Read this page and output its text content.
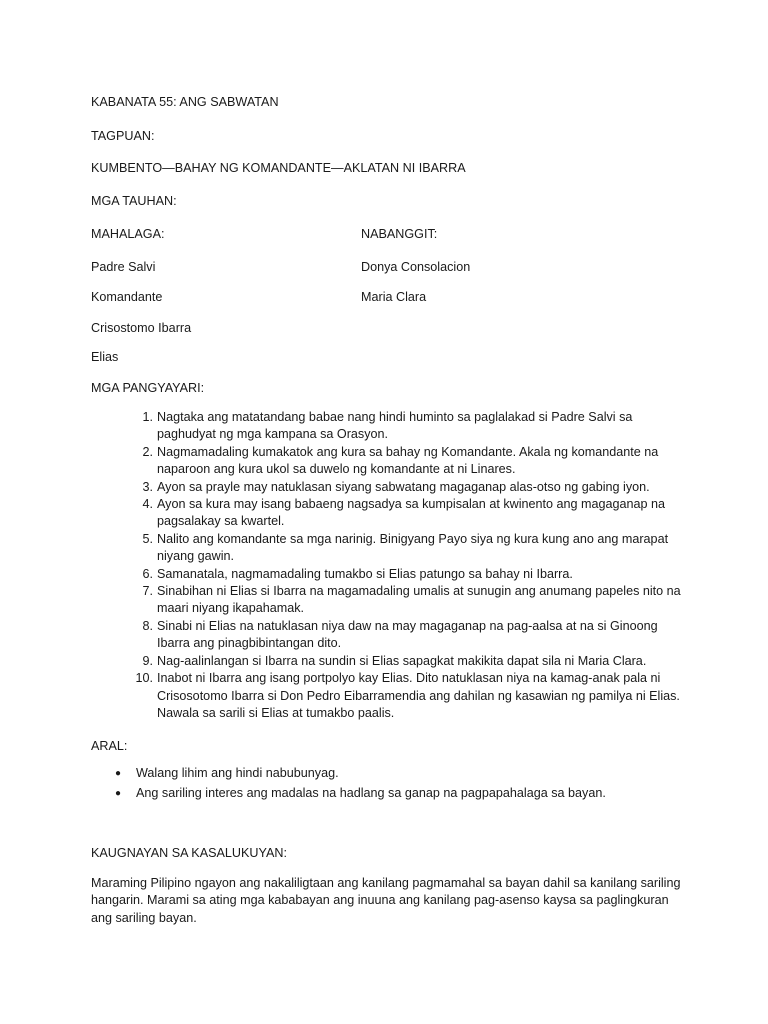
KABANATA 55: ANG SABWATAN
TAGPUAN:
KUMBENTO—BAHAY NG KOMANDANTE—AKLATAN NI IBARRA
MGA TAUHAN:
MAHALAGA:	NABANGGIT:
Padre Salvi	Donya Consolacion
Komandante	Maria Clara
Crisostomo Ibarra
Elias
MGA PANGYAYARI:
1. Nagtaka ang matatandang babae nang hindi huminto sa paglalakad si Padre Salvi sa
paghudyat ng mga kampana sa Orasyon.
2. Nagmamadaling kumakatok ang kura sa bahay ng Komandante. Akala ng komandante na
naparoon ang kura ukol sa duwelo ng komandante at ni Linares.
3. Ayon sa prayle may natuklasan siyang sabwatang magaganap alas-otso ng gabing iyon.
4. Ayon sa kura may isang babaeng nagsadya sa kumpisalan at kwinento ang magaganap na
pagsalakay sa kwartel.
5. Nalito ang komandante sa mga narinig. Binigyang Payo siya ng kura kung ano ang marapat
niyang gawin.
6. Samanatala, nagmamadaling tumakbo si Elias patungo sa bahay ni Ibarra.
7. Sinabihan ni Elias si Ibarra na magamadaling umalis at sunugin ang anumang papeles nito na
maari niyang ikapahamak.
8. Sinabi ni Elias na natuklasan niya daw na may magaganap na pag-aalsa at na si Ginoong
Ibarra ang pinagbibintangan dito.
9. Nag-aalinlangan si Ibarra na sundin si Elias sapagkat makikita dapat sila ni Maria Clara.
10. Inabot ni Ibarra ang isang portpolyo kay Elias. Dito natuklasan niya na kamag-anak pala ni
Crisosotomo Ibarra si Don Pedro Eibarramendia ang dahilan ng kasawian ng pamilya ni Elias.
Nawala sa sarili si Elias at tumakbo paalis.
ARAL:
● Walang lihim ang hindi nabubunyag.
● Ang sariling interes ang madalas na hadlang sa ganap na pagpapahalaga sa bayan.
KAUGNAYAN SA KASALUKUYAN:
Maraming Pilipino ngayon ang nakaliligtaan ang kanilang pagmamahal sa bayan dahil sa kanilang sariling
hangarin. Marami sa ating mga kababayan ang inuuna ang kanilang pag-asenso kaysa sa paglingkuran
ang sariling bayan.
